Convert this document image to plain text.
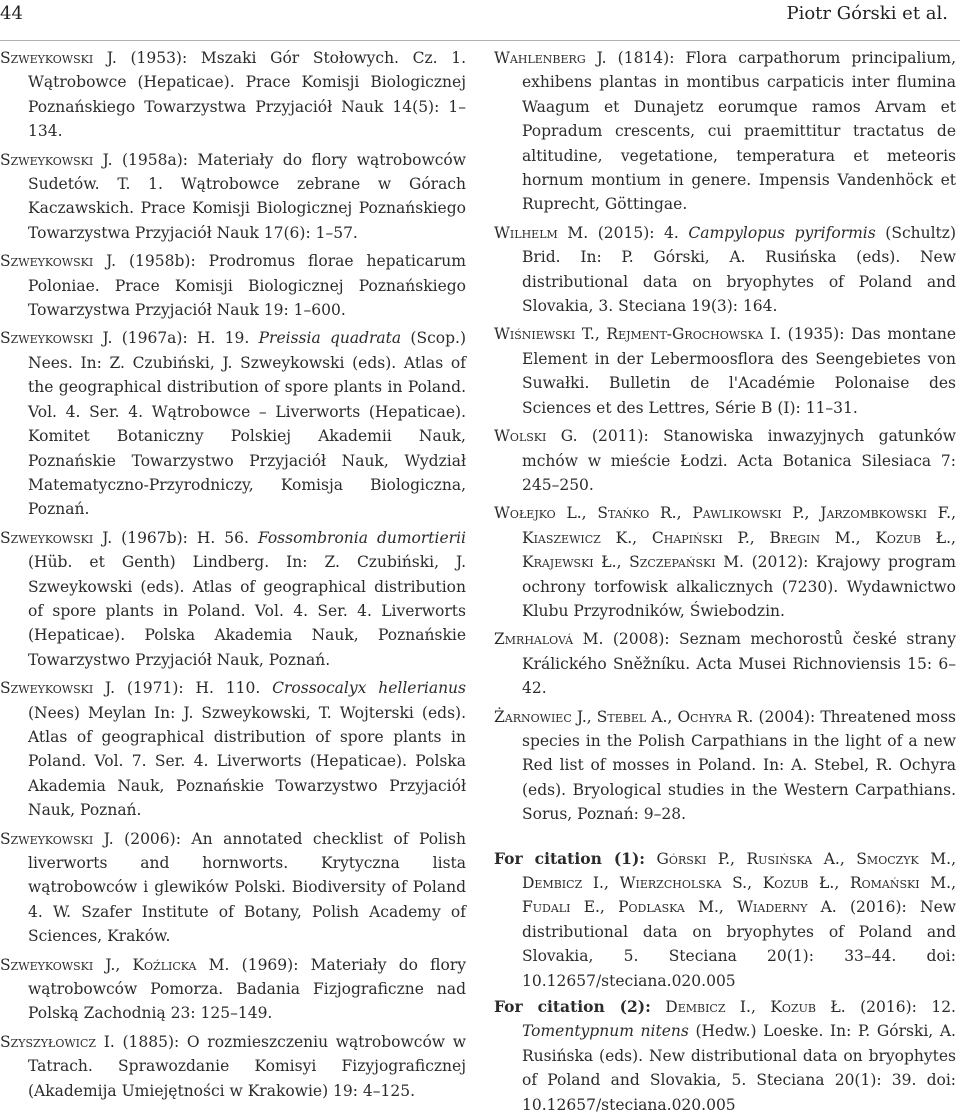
44	Piotr Górski et al.

Szweykowski J. (1953): Mszaki Gór Stołowych. Cz. 1. Wątrobowce (Hepaticae). Prace Komisji Biologicznej Poznańskiego Towarzystwa Przyjaciół Nauk 14(5): 1–134.

Szweykowski J. (1958a): Materiały do flory wątrobowców Sudetów. T. 1. Wątrobowce zebrane w Górach Kaczawskich. Prace Komisji Biologicznej Poznańskiego Towarzystwa Przyjaciół Nauk 17(6): 1–57.

Szweykowski J. (1958b): Prodromus florae hepaticarum Poloniae. Prace Komisji Biologicznej Poznańskiego Towarzystwa Przyjaciół Nauk 19: 1–600.

Szweykowski J. (1967a): H. 19. Preissia quadrata (Scop.) Nees. In: Z. Czubiński, J. Szweykowski (eds). Atlas of the geographical distribution of spore plants in Poland. Vol. 4. Ser. 4. Wątrobowce – Liverworts (Hepaticae). Komitet Botaniczny Polskiej Akademii Nauk, Poznańskie Towarzystwo Przyjaciół Nauk, Wydział Matematyczno-Przyrodniczy, Komisja Biologiczna, Poznań.

Szweykowski J. (1967b): H. 56. Fossombronia dumortierii (Hüb. et Genth) Lindberg. In: Z. Czubiński, J. Szweykowski (eds). Atlas of geographical distribution of spore plants in Poland. Vol. 4. Ser. 4. Liverworts (Hepaticae). Polska Akademia Nauk, Poznańskie Towarzystwo Przyjaciół Nauk, Poznań.

Szweykowski J. (1971): H. 110. Crossocalyx hellerianus (Nees) Meylan In: J. Szweykowski, T. Wojterski (eds). Atlas of geographical distribution of spore plants in Poland. Vol. 7. Ser. 4. Liverworts (Hepaticae). Polska Akademia Nauk, Poznańskie Towarzystwo Przyjaciół Nauk, Poznań.

Szweykowski J. (2006): An annotated checklist of Polish liverworts and hornworts. Krytyczna lista wątrobowców i glewików Polski. Biodiversity of Poland 4. W. Szafer Institute of Botany, Polish Academy of Sciences, Kraków.

Szweykowski J., Koźlicka M. (1969): Materiały do flory wątrobowców Pomorza. Badania Fizjograficzne nad Polską Zachodnią 23: 125–149.

Szyszyłowicz I. (1885): O rozmieszczeniu wątrobowców w Tatrach. Sprawozdanie Komisyi Fizyjograficznej (Akademija Umiejętności w Krakowie) 19: 4–125.

Wahlenberg J. (1814): Flora carpathorum principalium, exhibens plantas in montibus carpaticis inter flumina Waagum et Dunajetz eorumque ramos Arvam et Popradum crescents, cui praemittitur tractatus de altitudine, vegetatione, temperatura et meteoris hornum montium in genere. Impensis Vandenhöck et Ruprecht, Göttingae.

Wilhelm M. (2015): 4. Campylopus pyriformis (Schultz) Brid. In: P. Górski, A. Rusińska (eds). New distributional data on bryophytes of Poland and Slovakia, 3. Steciana 19(3): 164.

Wiśniewski T., Rejment-Grochowska I. (1935): Das montane Element in der Lebermoosflora des Seengebietes von Suwałki. Bulletin de l'Académie Polonaise des Sciences et des Lettres, Série B (I): 11–31.

Wolski G. (2011): Stanowiska inwazyjnych gatunków mchów w mieście Łodzi. Acta Botanica Silesiaca 7: 245–250.

Wołejko L., Stańko R., Pawlikowski P., Jarzombkowski F., Kiaszewicz K., Chapiński P., Bregin M., Kozub Ł., Krajewski Ł., Szczepański M. (2012): Krajowy program ochrony torfowisk alkalicznych (7230). Wydawnictwo Klubu Przyrodników, Świebodzin.

Zmrhalová M. (2008): Seznam mechorostů české strany Králického Sněžníku. Acta Musei Richnoviensis 15: 6–42.

Żarnowiec J., Stebel A., Ochyra R. (2004): Threatened moss species in the Polish Carpathians in the light of a new Red list of mosses in Poland. In: A. Stebel, R. Ochyra (eds). Bryological studies in the Western Carpathians. Sorus, Poznań: 9–28.

For citation (1): Górski P., Rusińska A., Smoczyk M., Dembicz I., Wierzcholska S., Kozub Ł., Romański M., Fudali E., Podlaska M., Wiaderny A. (2016): New distributional data on bryophytes of Poland and Slovakia, 5. Steciana 20(1): 33–44. doi: 10.12657/steciana.020.005

For citation (2): Dembicz I., Kozub Ł. (2016): 12. Tomentypnum nitens (Hedw.) Loeske. In: P. Górski, A. Rusińska (eds). New distributional data on bryophytes of Poland and Slovakia, 5. Steciana 20(1): 39. doi: 10.12657/steciana.020.005
